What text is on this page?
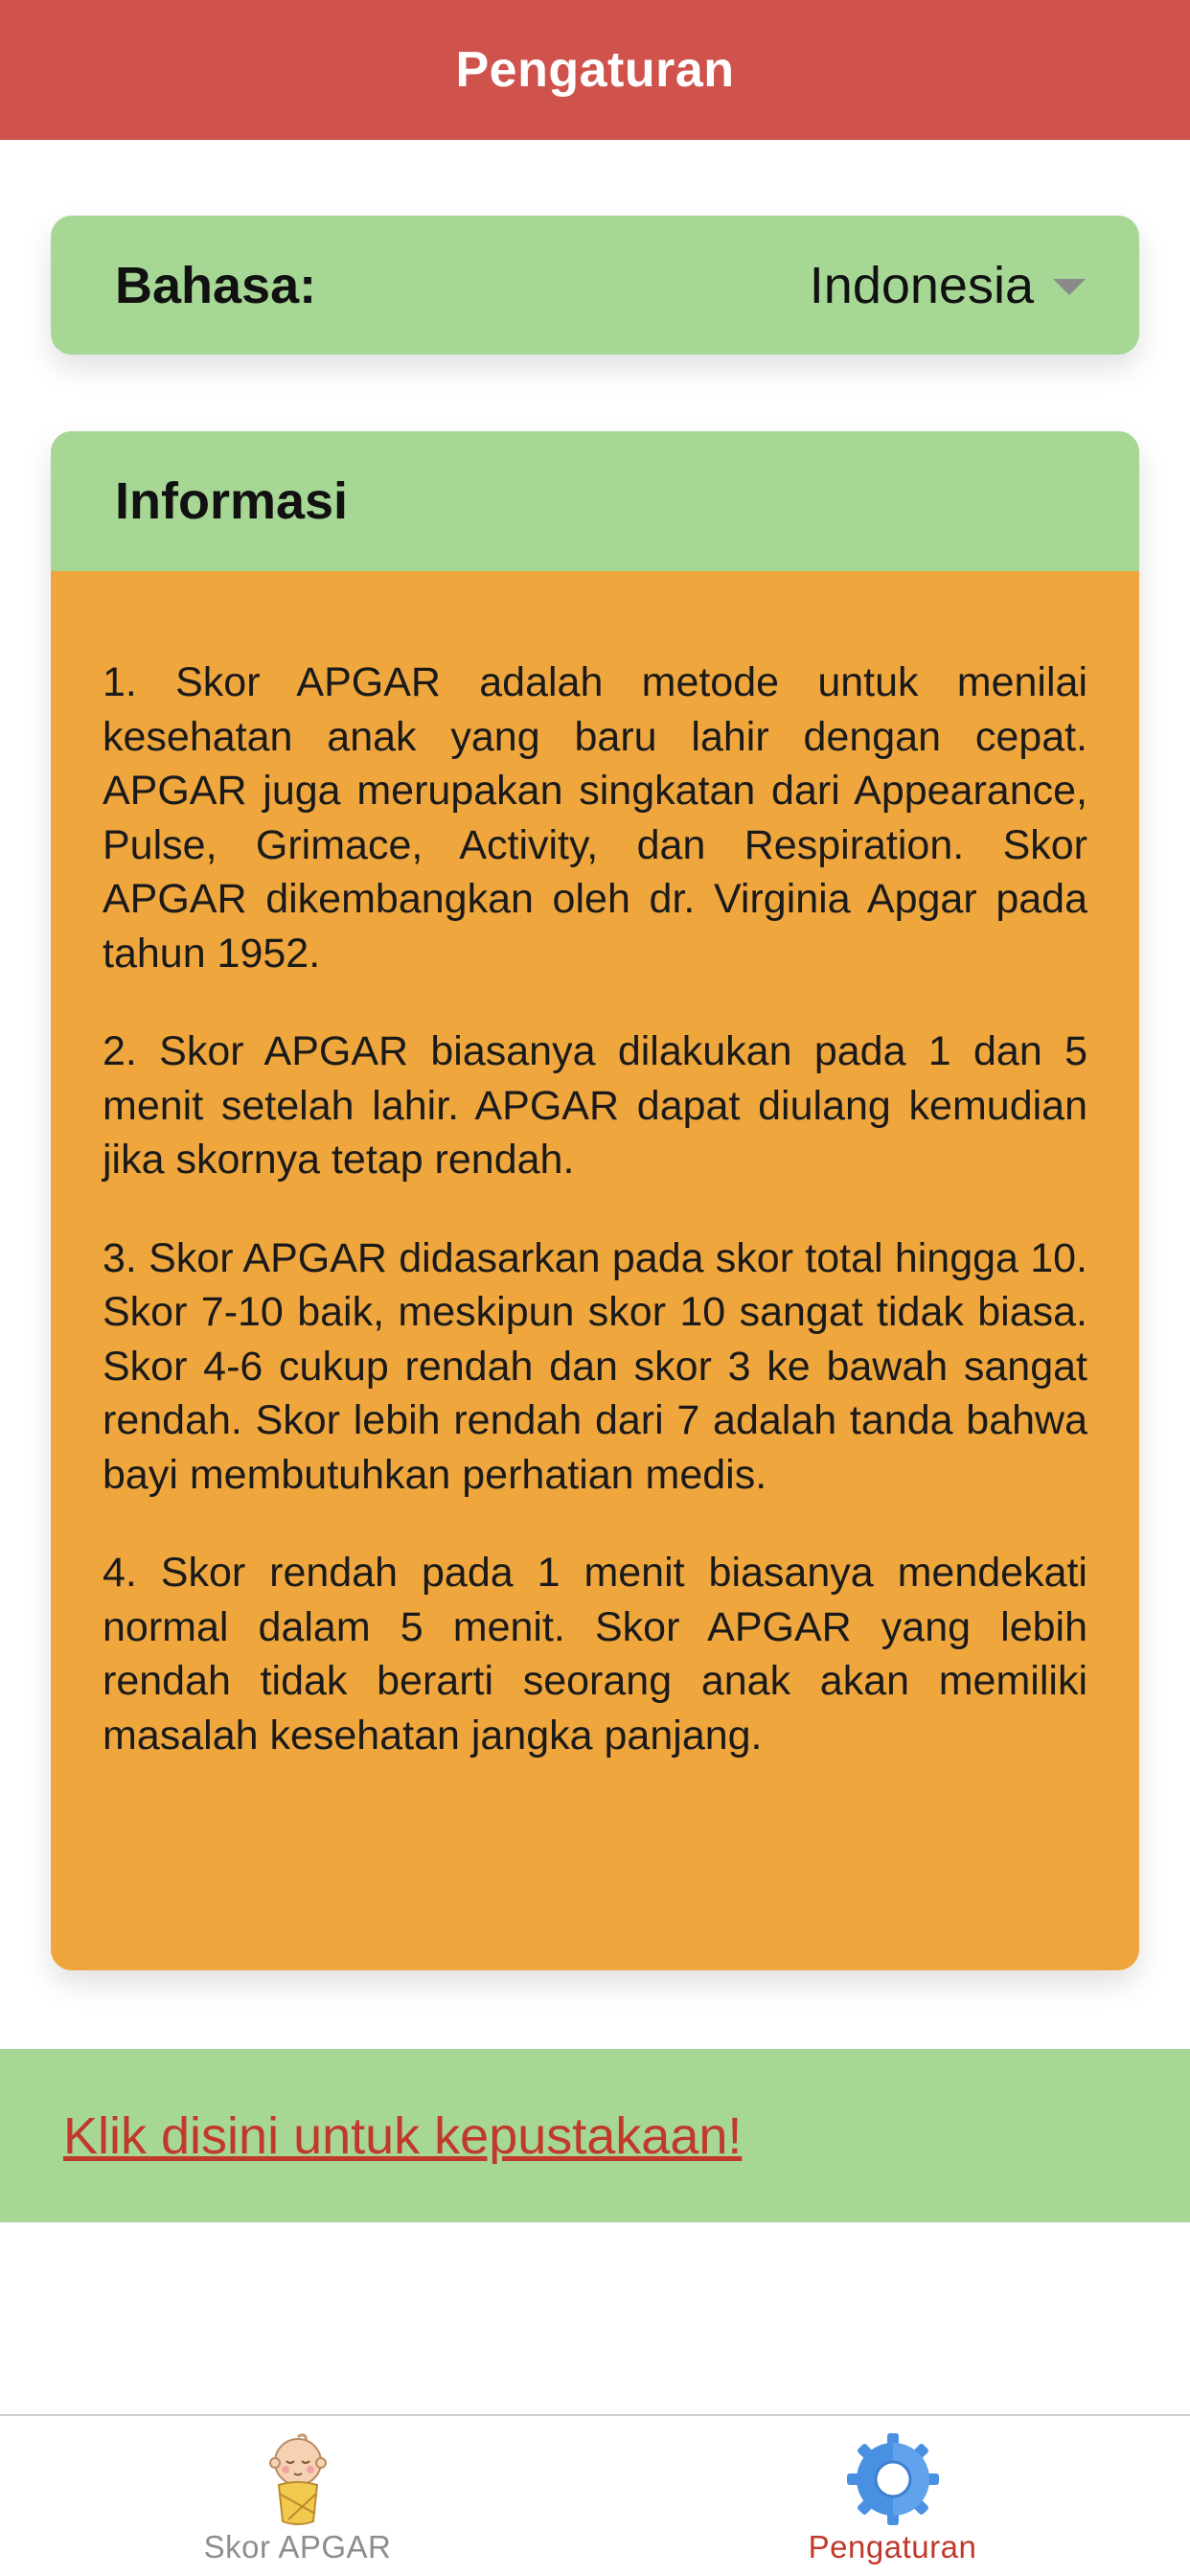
Pengaturan
Bahasa:	Indonesia
Informasi

1. Skor APGAR adalah metode untuk menilai kesehatan anak yang baru lahir dengan cepat. APGAR juga merupakan singkatan dari Appearance, Pulse, Grimace, Activity, dan Respiration. Skor APGAR dikembangkan oleh dr. Virginia Apgar pada tahun 1952.

2. Skor APGAR biasanya dilakukan pada 1 dan 5 menit setelah lahir. APGAR dapat diulang kemudian jika skornya tetap rendah.

3. Skor APGAR didasarkan pada skor total hingga 10. Skor 7-10 baik, meskipun skor 10 sangat tidak biasa. Skor 4-6 cukup rendah dan skor 3 ke bawah sangat rendah. Skor lebih rendah dari 7 adalah tanda bahwa bayi membutuhkan perhatian medis.

4. Skor rendah pada 1 menit biasanya mendekati normal dalam 5 menit. Skor APGAR yang lebih rendah tidak berarti seorang anak akan memiliki masalah kesehatan jangka panjang.

Klik disini untuk kepustakaan!
Skor APGAR	Pengaturan
